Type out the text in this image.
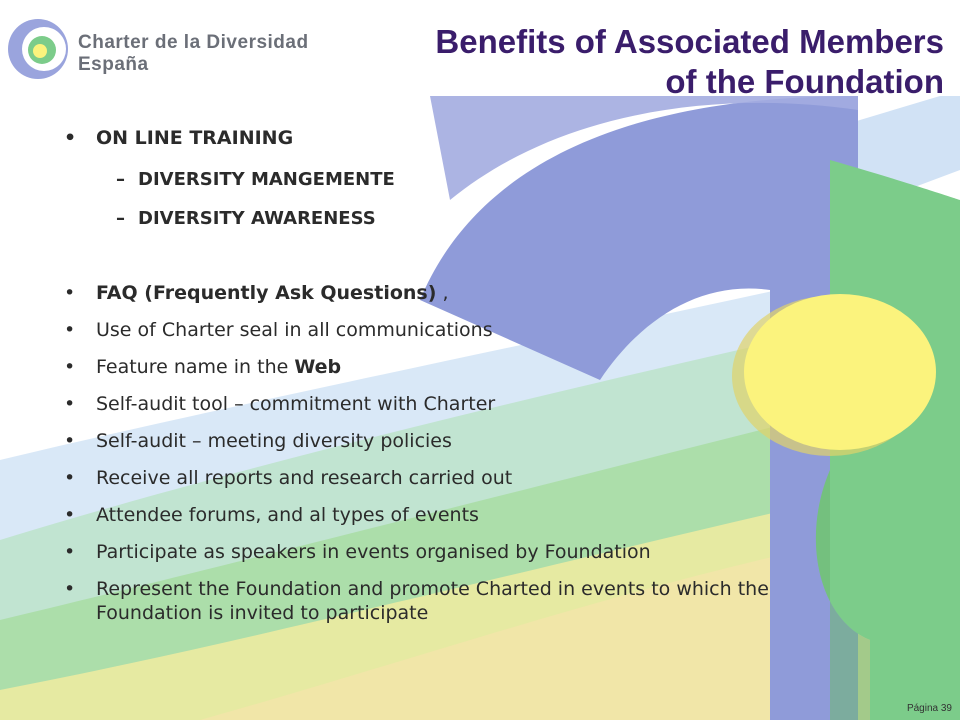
Charter de la Diversidad
España
Benefits of Associated Members
of the Foundation
•	ON LINE TRAINING
– DIVERSITY MANGEMENTE
– DIVERSITY AWARENESS
•	FAQ (Frequently Ask Questions) ,
•	Use of Charter seal in all communications
•	Feature name in the Web
•	Self-audit tool – commitment with Charter
•	Self-audit – meeting diversity policies
•	Receive all reports and research carried out
•	Attendee forums, and al types of events
•	Participate as speakers in events organised by Foundation
•	Represent the Foundation and promote Charted in events to which the Foundation is invited to participate
Página 39
